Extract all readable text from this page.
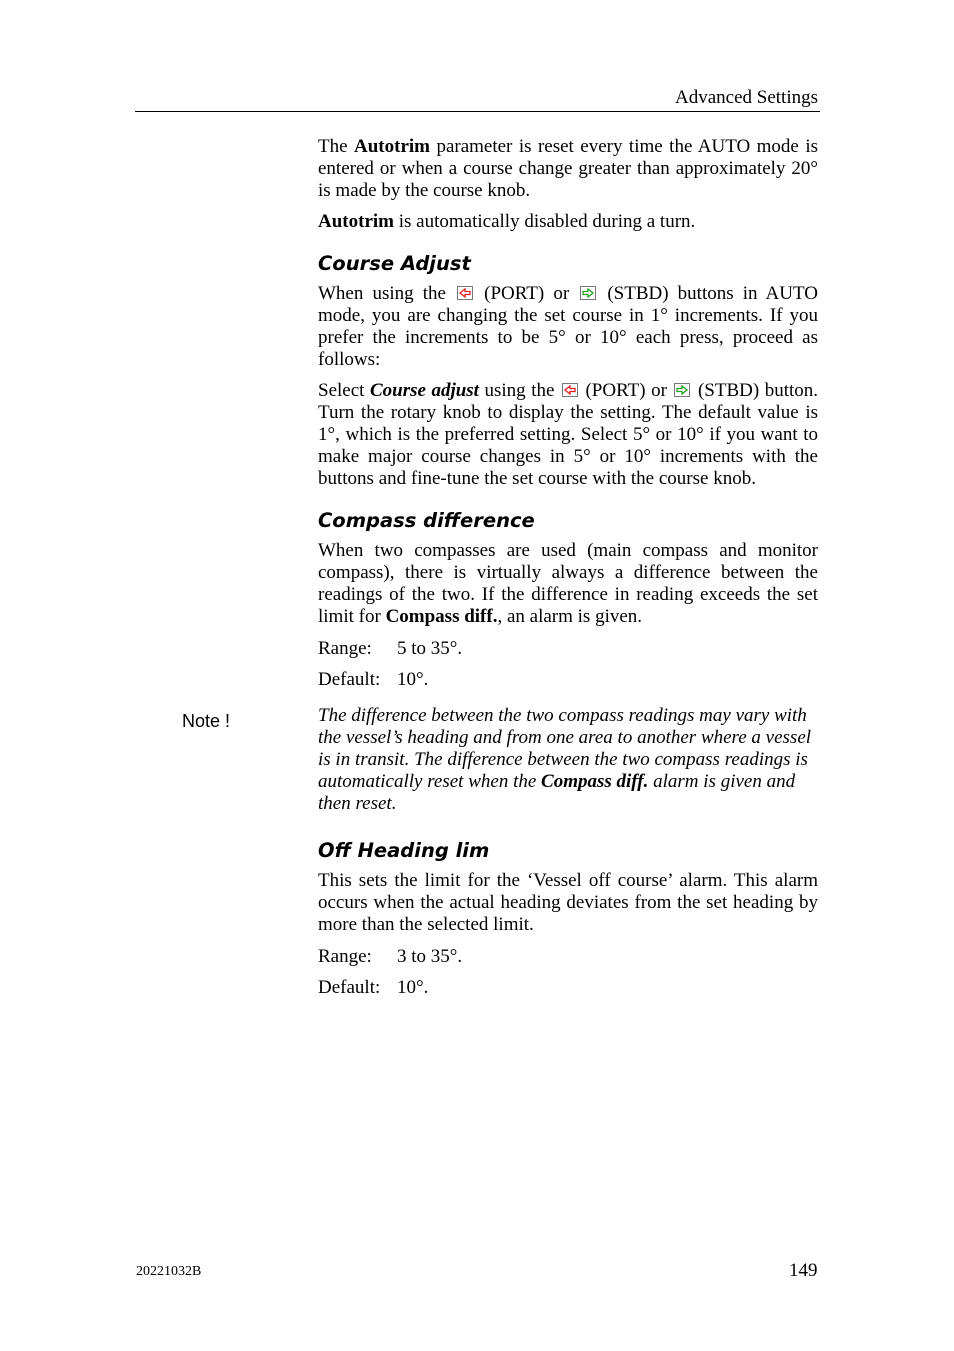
Advanced Settings

The Autotrim parameter is reset every time the AUTO mode is entered or when a course change greater than approximately 20° is made by the course knob.

Autotrim is automatically disabled during a turn.

Course Adjust

When using the
(PORT) or
(STBD) buttons in AUTO mode, you are changing the set course in 1° increments. If you prefer the increments to be 5° or 10° each press, proceed as follows:

Select Course adjust using the
(PORT) or
(STBD) button. Turn the rotary knob to display the setting. The default value is 1°, which is the preferred setting. Select 5° or 10° if you want to make major course changes in 5° or 10° increments with the buttons and fine-tune the set course with the course knob.

Compass difference

When two compasses are used (main compass and monitor compass), there is virtually always a difference between the readings of the two. If the difference in reading exceeds the set limit for Compass diff., an alarm is given.

Range:	5 to 35°.
Default: 10°.

The difference between the two compass readings may vary with the vessel’s heading and from one area to another where a vessel is in transit. The difference between the two compass readings is automatically reset when the Compass diff. alarm is given and then reset.

Off Heading lim

This sets the limit for the ‘Vessel off course’ alarm. This alarm occurs when the actual heading deviates from the set heading by more than the selected limit.

Range:	3 to 35°.
Default: 10°.
Note !
20221032B	149
